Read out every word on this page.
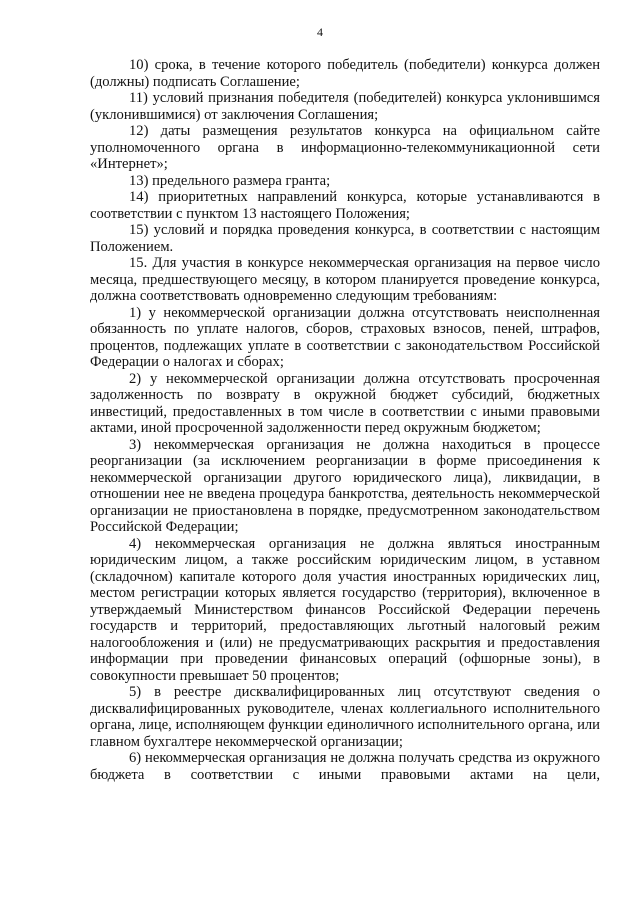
4

10) срока, в течение которого победитель (победители) конкурса должен (должны) подписать Соглашение;

11) условий признания победителя (победителей) конкурса уклонившимся (уклонившимися) от заключения Соглашения;

12) даты размещения результатов конкурса на официальном сайте уполномоченного органа в информационно-телекоммуникационной сети «Интернет»;

13) предельного размера гранта;

14) приоритетных направлений конкурса, которые устанавливаются в соответствии с пунктом 13 настоящего Положения;

15) условий и порядка проведения конкурса, в соответствии с настоящим Положением.

15. Для участия в конкурсе некоммерческая организация на первое число месяца, предшествующего месяцу, в котором планируется проведение конкурса, должна соответствовать одновременно следующим требованиям:

1) у некоммерческой организации должна отсутствовать неисполненная обязанность по уплате налогов, сборов, страховых взносов, пеней, штрафов, процентов, подлежащих уплате в соответствии с законодательством Российской Федерации о налогах и сборах;

2) у некоммерческой организации должна отсутствовать просроченная задолженность по возврату в окружной бюджет субсидий, бюджетных инвестиций, предоставленных в том числе в соответствии с иными правовыми актами, иной просроченной задолженности перед окружным бюджетом;

3) некоммерческая организация не должна находиться в процессе реорганизации (за исключением реорганизации в форме присоединения к некоммерческой организации другого юридического лица), ликвидации, в отношении нее не введена процедура банкротства, деятельность некоммерческой организации не приостановлена в порядке, предусмотренном законодательством Российской Федерации;

4) некоммерческая организация не должна являться иностранным юридическим лицом, а также российским юридическим лицом, в уставном (складочном) капитале которого доля участия иностранных юридических лиц, местом регистрации которых является государство (территория), включенное в утверждаемый Министерством финансов Российской Федерации перечень государств и территорий, предоставляющих льготный налоговый режим налогообложения и (или) не предусматривающих раскрытия и предоставления информации при проведении финансовых операций (офшорные зоны), в совокупности превышает 50 процентов;

5) в реестре дисквалифицированных лиц отсутствуют сведения о дисквалифицированных руководителе, членах коллегиального исполнительного органа, лице, исполняющем функции единоличного исполнительного органа, или главном бухгалтере некоммерческой организации;

6) некоммерческая организация не должна получать средства из окружного бюджета в соответствии с иными правовыми актами на цели,
